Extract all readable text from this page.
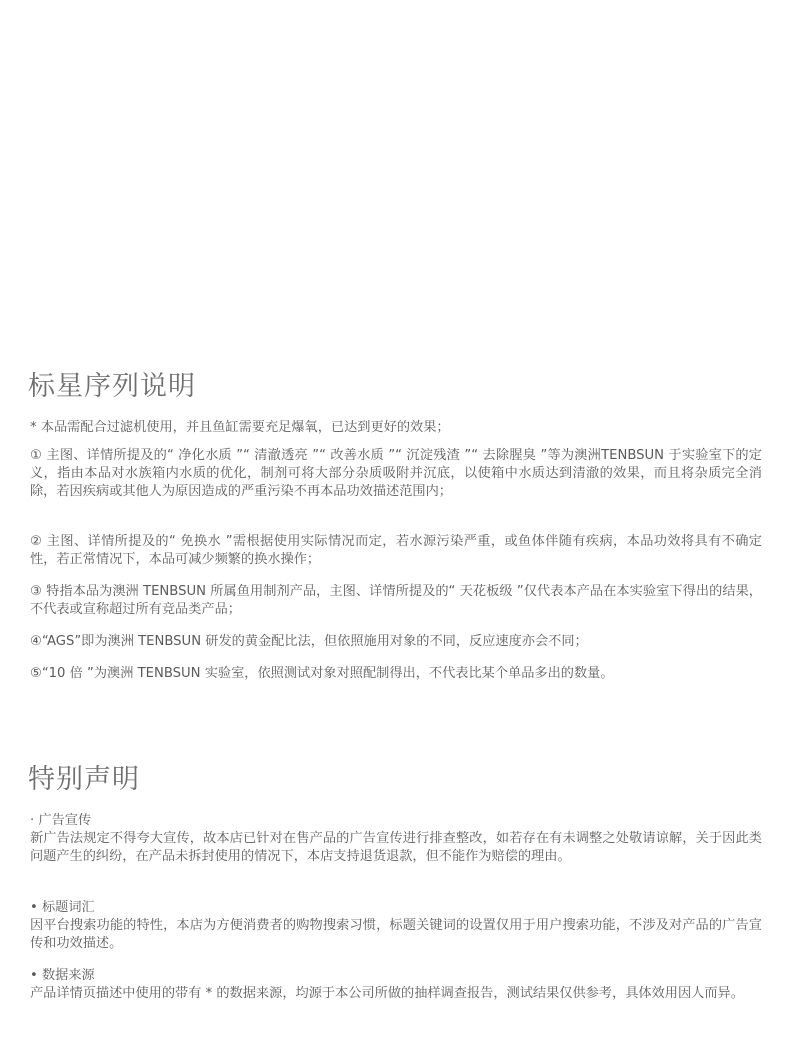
标星序列说明

* 本品需配合过滤机使用，并且鱼缸需要充足爆氧，已达到更好的效果；

① 主图、详情所提及的“ 净化水质 ”“ 清澈透亮 ”“ 改善水质 ”“ 沉淀残渣 ”“ 去除腥臭 ”等为澳洲TENBSUN 于实验室下的定义，指由本品对水族箱内水质的优化，制剂可将大部分杂质吸附并沉底，以使箱中水质达到清澈的效果，而且将杂质完全消除，若因疾病或其他人为原因造成的严重污染不再本品功效描述范围内；

② 主图、详情所提及的“ 免换水 ”需根据使用实际情况而定，若水源污染严重，或鱼体伴随有疾病，本品功效将具有不确定性，若正常情况下，本品可减少频繁的换水操作；

③ 特指本品为澳洲 TENBSUN 所属鱼用制剂产品，主图、详情所提及的“ 天花板级 ”仅代表本产品在本实验室下得出的结果，不代表或宣称超过所有竞品类产品；

④“AGS”即为澳洲 TENBSUN 研发的黄金配比法，但依照施用对象的不同，反应速度亦会不同；

⑤“10 倍 ”为澳洲 TENBSUN 实验室，依照测试对象对照配制得出，不代表比某个单品多出的数量。

特别声明
· 广告宣传

新广告法规定不得夸大宣传，故本店已针对在售产品的广告宣传进行排查整改，如若存在有未调整之处敬请谅解，关于因此类问题产生的纠纷，在产品未拆封使用的情况下，本店支持退货退款，但不能作为赔偿的理由。

• 标题词汇

因平台搜索功能的特性，本店为方便消费者的购物搜索习惯，标题关键词的设置仅用于用户搜索功能，不涉及对产品的广告宣传和功效描述。

• 数据来源

产品详情页描述中使用的带有 * 的数据来源，均源于本公司所做的抽样调查报告，测试结果仅供参考，具体效用因人而异。
